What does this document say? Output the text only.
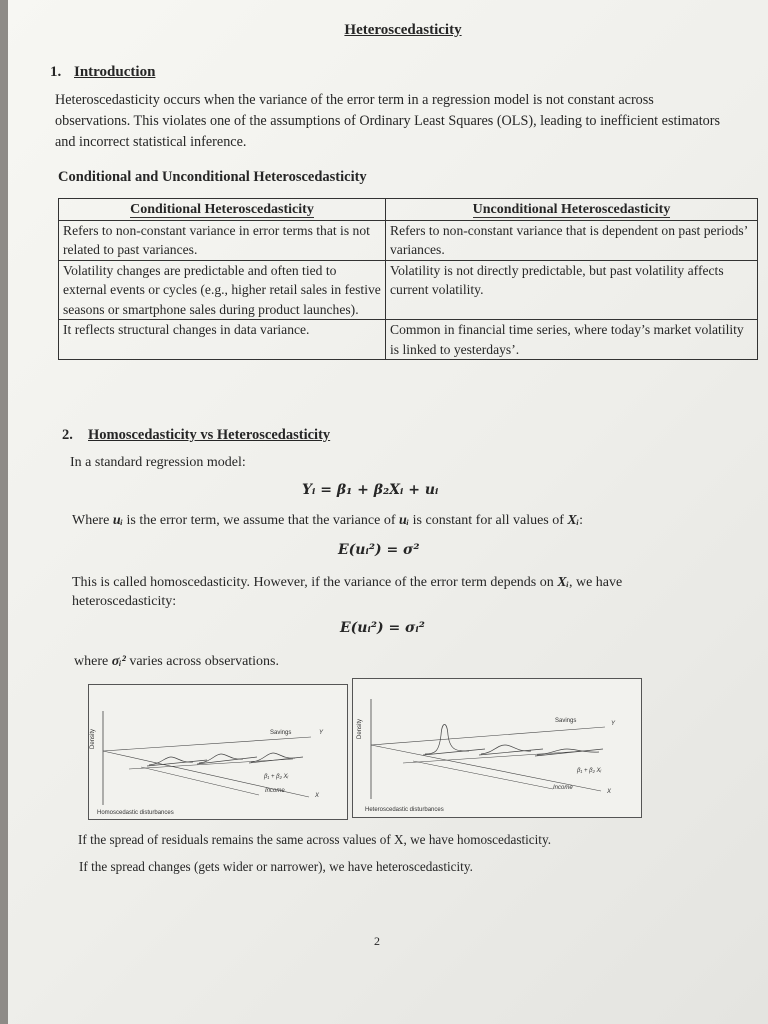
Heteroscedasticity
1. Introduction
Heteroscedasticity occurs when the variance of the error term in a regression model is not constant across observations. This violates one of the assumptions of Ordinary Least Squares (OLS), leading to inefficient estimators and incorrect statistical inference.
Conditional and Unconditional Heteroscedasticity
Conditional Heteroscedasticity	Unconditional Heteroscedasticity
Refers to non-constant variance in error terms that is not related to past variances.	Refers to non-constant variance that is dependent on past periods’ variances.
Volatility changes are predictable and often tied to external events or cycles (e.g., higher retail sales in festive seasons or smartphone sales during product launches).	Volatility is not directly predictable, but past volatility affects current volatility.
It reflects structural changes in data variance.	Common in financial time series, where today’s market volatility is linked to yesterdays’.
2. Homoscedasticity vs Heteroscedasticity
In a standard regression model:
Yᵢ = β₁ + β₂Xᵢ + uᵢ
Where uᵢ is the error term, we assume that the variance of uᵢ is constant for all values of Xᵢ:
E(uᵢ²) = σ²
This is called homoscedasticity. However, if the variance of the error term depends on Xᵢ, we have heteroscedasticity:
E(uᵢ²) = σᵢ²
where σᵢ² varies across observations.
Density	Savings	Y
β₁ + β₂ Xᵢ
Income
X
Homoscedastic disturbances
Density	Savings	Y
β₁ + β₂ Xᵢ
Income
X
Heteroscedastic disturbances
If the spread of residuals remains the same across values of X, we have homoscedasticity.
If the spread changes (gets wider or narrower), we have heteroscedasticity.
2
